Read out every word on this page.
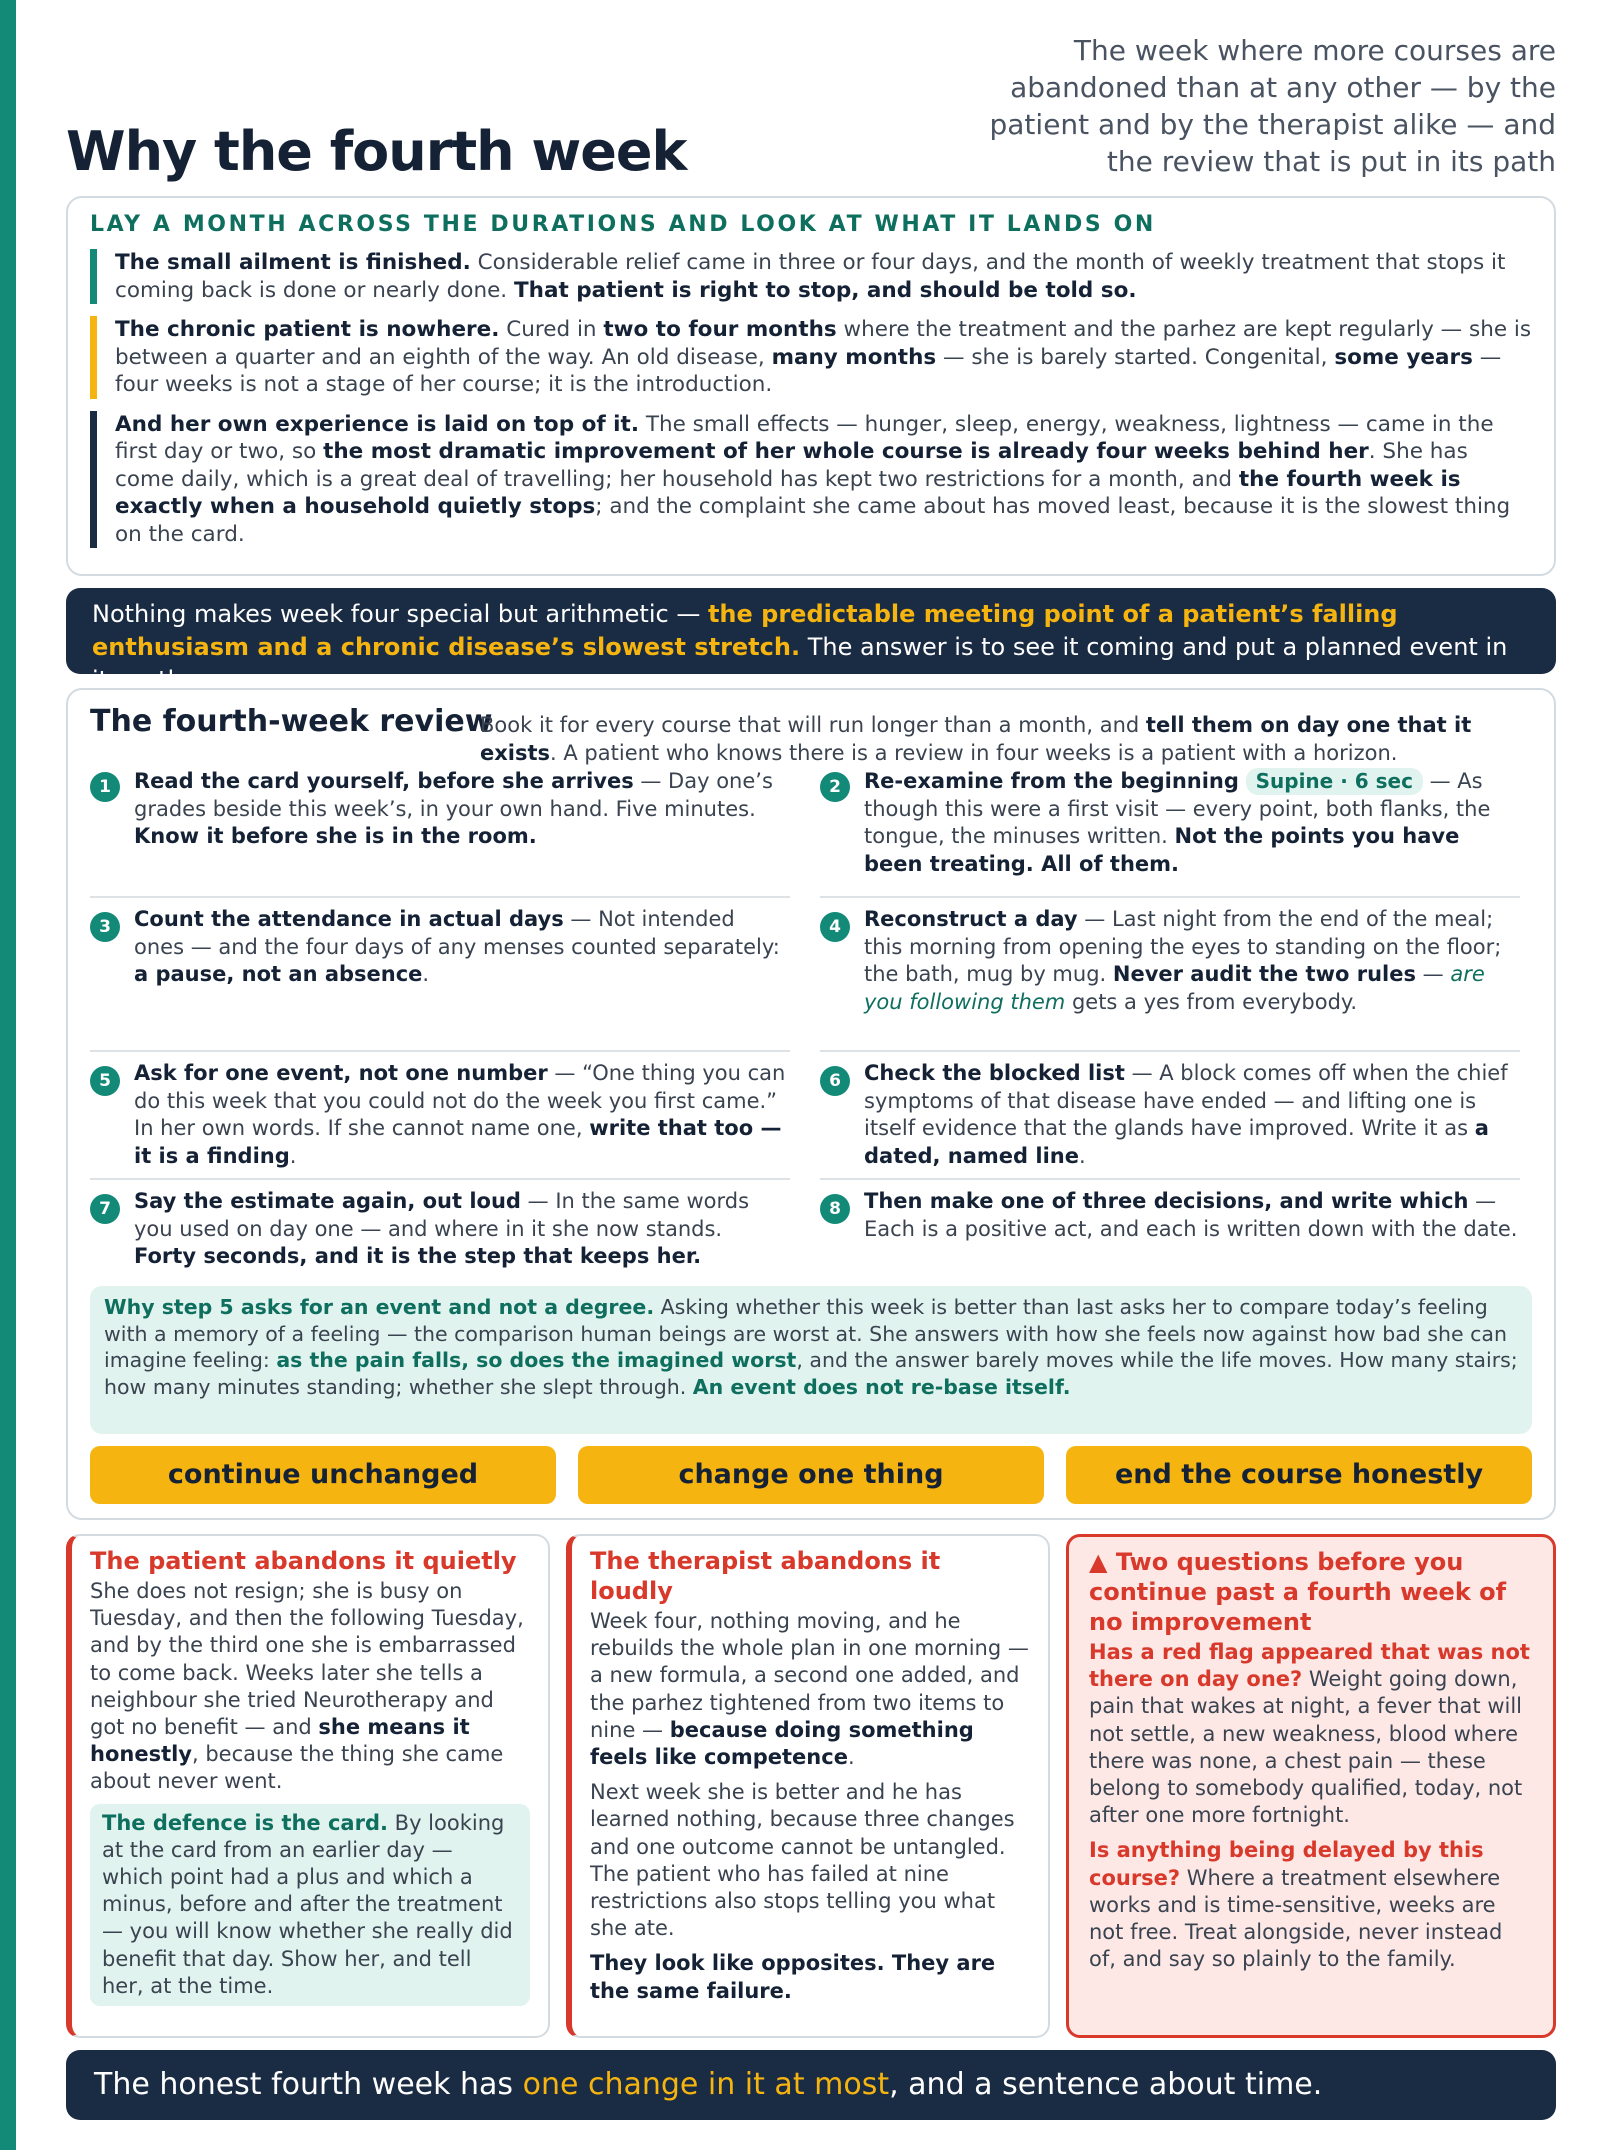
The week where more courses are abandoned than at any other — by the patient and by the therapist alike — and the review that is put in its path
Why the fourth week
LAY A MONTH ACROSS THE DURATIONS AND LOOK AT WHAT IT LANDS ON
The small ailment is finished. Considerable relief came in three or four days, and the month of weekly treatment that stops it coming back is done or nearly done. That patient is right to stop, and should be told so.
The chronic patient is nowhere. Cured in two to four months where the treatment and the parhez are kept regularly — she is between a quarter and an eighth of the way. An old disease, many months — she is barely started. Congenital, some years — four weeks is not a stage of her course; it is the introduction.
And her own experience is laid on top of it. The small effects — hunger, sleep, energy, weakness, lightness — came in the first day or two, so the most dramatic improvement of her whole course is already four weeks behind her. She has come daily, which is a great deal of travelling; her household has kept two restrictions for a month, and the fourth week is exactly when a household quietly stops; and the complaint she came about has moved least, because it is the slowest thing on the card.
Nothing makes week four special but arithmetic — the predictable meeting point of a patient’s falling enthusiasm and a chronic disease’s slowest stretch. The answer is to see it coming and put a planned event in its path.
The fourth-week review

Book it for every course that will run longer than a month, and tell them on day one that it exists. A patient who knows there is a review in four weeks is a patient with a horizon.

1	Read the card yourself, before she arrives — Day one’s grades beside this week’s, in your own hand. Five minutes. Know it before she is in the room.
2	Re-examine from the beginning Supine · 6 sec — As though this were a first visit — every point, both flanks, the tongue, the minuses written. Not the points you have been treating. All of them.
3	Count the attendance in actual days — Not intended ones — and the four days of any menses counted separately: a pause, not an absence.
4	Reconstruct a day — Last night from the end of the meal; this morning from opening the eyes to standing on the floor; the bath, mug by mug. Never audit the two rules — are you following them gets a yes from everybody.
5	Ask for one event, not one number — “One thing you can do this week that you could not do the week you first came.” In her own words. If she cannot name one, write that too — it is a finding.
6	Check the blocked list — A block comes off when the chief symptoms of that disease have ended — and lifting one is itself evidence that the glands have improved. Write it as a dated, named line.
7	Say the estimate again, out loud — In the same words you used on day one — and where in it she now stands. Forty seconds, and it is the step that keeps her.
8	Then make one of three decisions, and write which — Each is a positive act, and each is written down with the date.
Why step 5 asks for an event and not a degree. Asking whether this week is better than last asks her to compare today’s feeling with a memory of a feeling — the comparison human beings are worst at. She answers with how she feels now against how bad she can imagine feeling: as the pain falls, so does the imagined worst, and the answer barely moves while the life moves. How many stairs; how many minutes standing; whether she slept through. An event does not re-base itself.
continue unchanged	change one thing	end the course honestly
The patient abandons it quietly
She does not resign; she is busy on Tuesday, and then the following Tuesday, and by the third one she is embarrassed to come back. Weeks later she tells a neighbour she tried Neurotherapy and got no benefit — and she means it honestly, because the thing she came about never went.
The defence is the card. By looking at the card from an earlier day — which point had a plus and which a minus, before and after the treatment — you will know whether she really did benefit that day. Show her, and tell her, at the time.
The therapist abandons it loudly
Week four, nothing moving, and he rebuilds the whole plan in one morning — a new formula, a second one added, and the parhez tightened from two items to nine — because doing something feels like competence.
Next week she is better and he has learned nothing, because three changes and one outcome cannot be untangled. The patient who has failed at nine restrictions also stops telling you what she ate.
They look like opposites. They are the same failure.
▲ Two questions before you continue past a fourth week of no improvement
Has a red flag appeared that was not there on day one? Weight going down, pain that wakes at night, a fever that will not settle, a new weakness, blood where there was none, a chest pain — these belong to somebody qualified, today, not after one more fortnight.
Is anything being delayed by this course? Where a treatment elsewhere works and is time-sensitive, weeks are not free. Treat alongside, never instead of, and say so plainly to the family.
The honest fourth week has one change in it at most, and a sentence about time.
